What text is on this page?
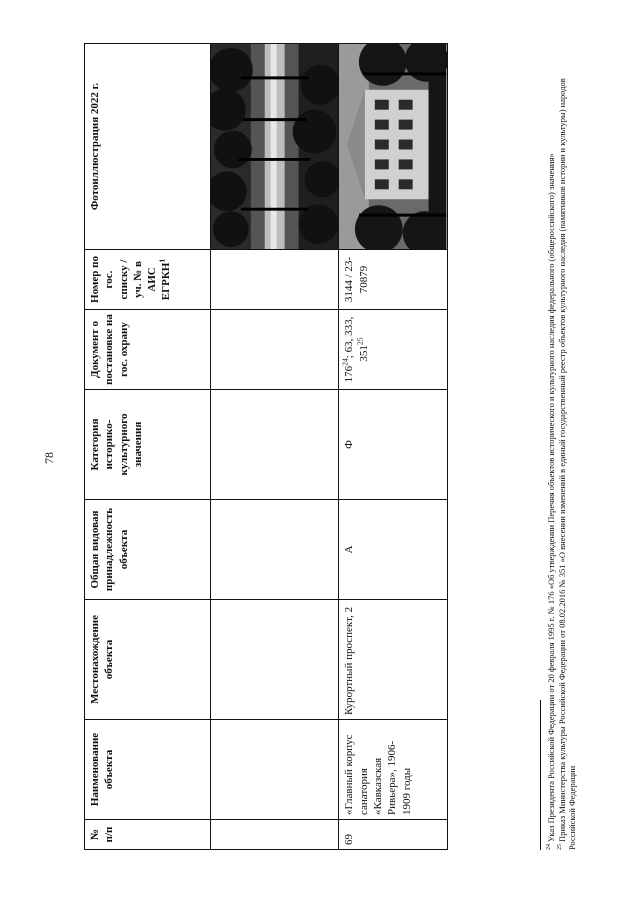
78
№ п/п	Наименование объекта	Местонахождение объекта	Общая видовая принадлежность объекта	Категория историко-культурного значения	Документ о постановке на гос. охрану	Номер по гос. списку /уч. № в АИС ЕГРКН$^1$	Фотоиллюстрация 2022 г.

69	«Главный корпус санатория «Кавказская Ривьера», 1906-1909 годы	Курортный проспект, 2	А	Ф	$176^{24}$; 63, 333, $351^{25}$	3144 / 23-70879	

$^{24}$ Указ Президента Российской Федерации от 20 февраля 1995 г. № 176 «Об утверждении Перечня объектов исторического и культурного наследия федерального (общероссийского) значения»

$^{25}$ Приказ Министерства культуры Российской Федерации от 08.02.2016 № 351 «О внесении изменений в единый государственный реестр объектов культурного наследия (памятников истории и культуры) народов Российской Федерации
